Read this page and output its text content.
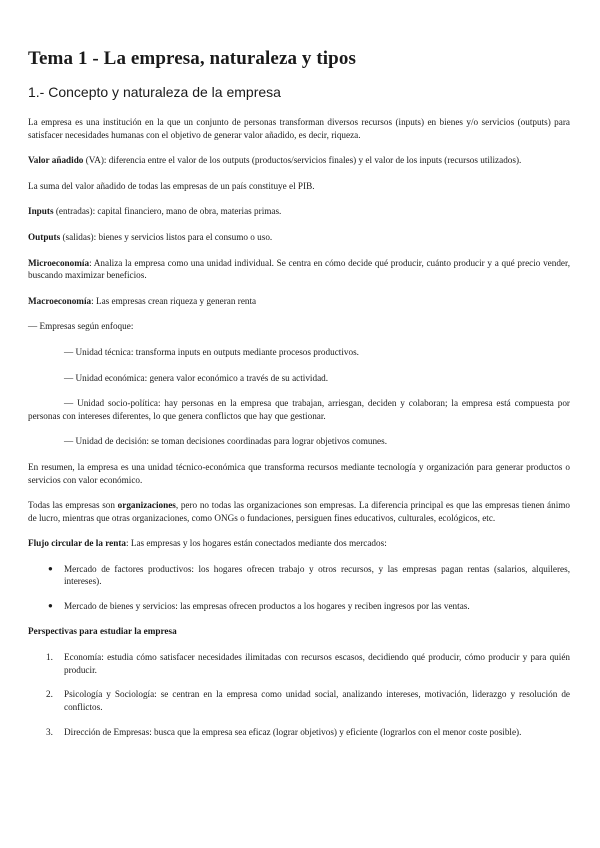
Tema 1 - La empresa, naturaleza y tipos
1.- Concepto y naturaleza de la empresa

La empresa es una institución en la que un conjunto de personas transforman diversos recursos (inputs) en bienes y/o servicios (outputs) para satisfacer necesidades humanas con el objetivo de generar valor añadido, es decir, riqueza.

Valor añadido (VA): diferencia entre el valor de los outputs (productos/servicios finales) y el valor de los inputs (recursos utilizados).

La suma del valor añadido de todas las empresas de un país constituye el PIB.

Inputs (entradas): capital financiero, mano de obra, materias primas.

Outputs (salidas): bienes y servicios listos para el consumo o uso.

Microeconomía: Analiza la empresa como una unidad individual. Se centra en cómo decide qué producir, cuánto producir y a qué precio vender, buscando maximizar beneficios.

Macroeconomía: Las empresas crean riqueza y generan renta

— Empresas según enfoque:

— Unidad técnica: transforma inputs en outputs mediante procesos productivos.

— Unidad económica: genera valor económico a través de su actividad.

— Unidad socio-política: hay personas en la empresa que trabajan, arriesgan, deciden y colaboran; la empresa está compuesta por personas con intereses diferentes, lo que genera conflictos que hay que gestionar.

— Unidad de decisión: se toman decisiones coordinadas para lograr objetivos comunes.

En resumen, la empresa es una unidad técnico-económica que transforma recursos mediante tecnología y organización para generar productos o servicios con valor económico.

Todas las empresas son organizaciones, pero no todas las organizaciones son empresas. La diferencia principal es que las empresas tienen ánimo de lucro, mientras que otras organizaciones, como ONGs o fundaciones, persiguen fines educativos, culturales, ecológicos, etc.

Flujo circular de la renta: Las empresas y los hogares están conectados mediante dos mercados:

● Mercado de factores productivos: los hogares ofrecen trabajo y otros recursos, y las empresas pagan rentas (salarios, alquileres, intereses).
● Mercado de bienes y servicios: las empresas ofrecen productos a los hogares y reciben ingresos por las ventas.

Perspectivas para estudiar la empresa

1. Economía: estudia cómo satisfacer necesidades ilimitadas con recursos escasos, decidiendo qué producir, cómo producir y para quién producir.
2. Psicología y Sociología: se centran en la empresa como unidad social, analizando intereses, motivación, liderazgo y resolución de conflictos.
3. Dirección de Empresas: busca que la empresa sea eficaz (lograr objetivos) y eficiente (lograrlos con el menor coste posible).
